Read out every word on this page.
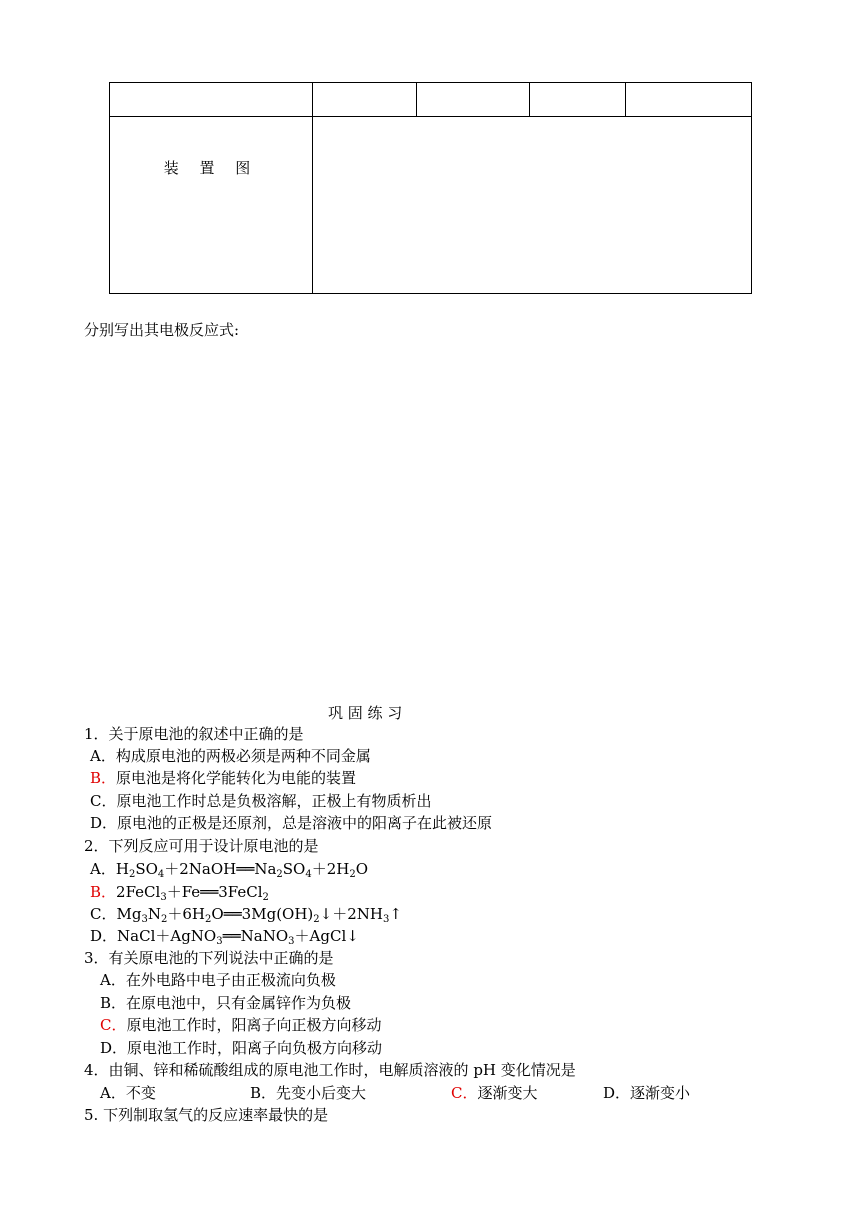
装 置 图				
分别写出其电极反应式:
巩 固 练 习
1．关于原电池的叙述中正确的是
A．构成原电池的两极必须是两种不同金属
B．原电池是将化学能转化为电能的装置
C．原电池工作时总是负极溶解，正极上有物质析出
D．原电池的正极是还原剂，总是溶液中的阳离子在此被还原
2．下列反应可用于设计原电池的是
A．$H_2SO_4+2NaOH══Na_2SO_4+2H_2O$
B．2FeCl$_3$＋Fe══3FeCl$_2$
C．$Mg_3N_2+6H_2O══3Mg(OH)_2↓+2NH_3↑$
D．NaCl＋AgNO$_3$══NaNO$_3$＋AgCl↓
3．有关原电池的下列说法中正确的是
A．在外电路中电子由正极流向负极
B．在原电池中，只有金属锌作为负极
C．原电池工作时，阳离子向正极方向移动
D．原电池工作时，阳离子向负极方向移动
4．由铜、锌和稀硫酸组成的原电池工作时，电解质溶液的 pH 变化情况是
A．不变	B．先变小后变大	C．逐渐变大	D．逐渐变小
5. 下列制取氢气的反应速率最快的是
